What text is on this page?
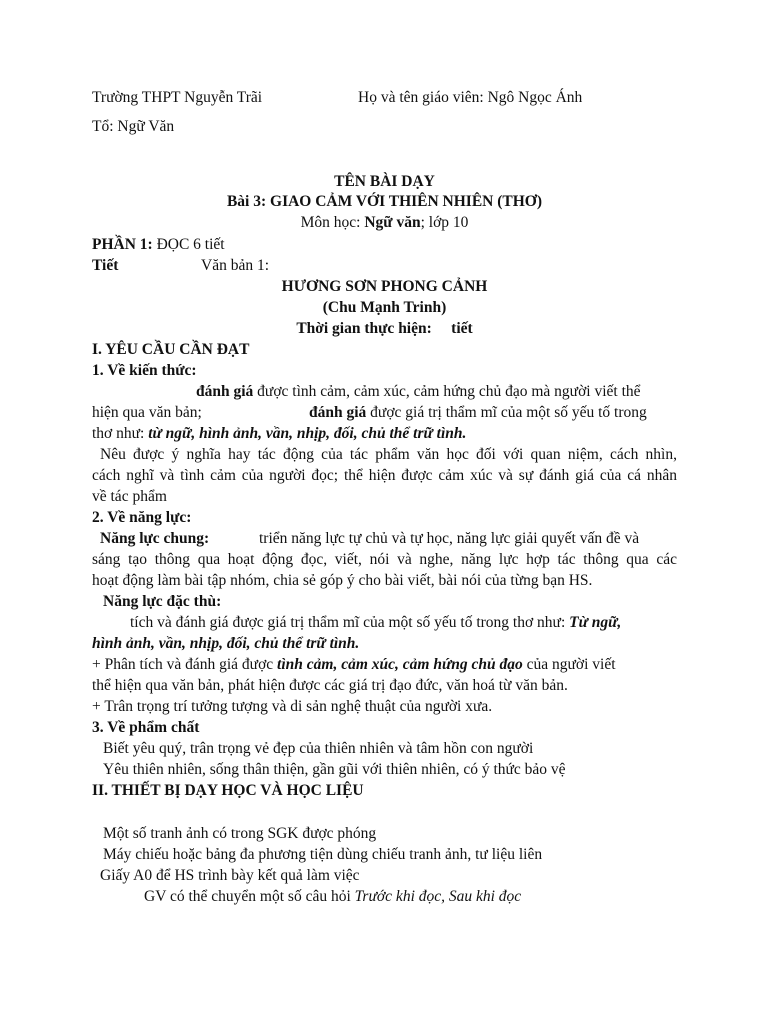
Trường THPT Nguyễn Trãi	Họ và tên giáo viên: Ngô Ngọc Ánh
Tổ: Ngữ Văn
TÊN BÀI DẠY
Bài 3: GIAO CẢM VỚI THIÊN NHIÊN (THƠ)
Môn học: Ngữ văn; lớp 10
PHẦN 1: ĐỌC 6 tiết
Tiết	Văn bản 1:
HƯƠNG SƠN PHONG CẢNH
(Chu Mạnh Trinh)
Thời gian thực hiện: tiết
I. YÊU CẦU CẦN ĐẠT
1. Về kiến thức:
đánh giá được tình cảm, cảm xúc, cảm hứng chủ đạo mà người viết thể
hiện qua văn bản;	đánh giá được giá trị thẩm mĩ của một số yếu tố trong
thơ như: từ ngữ, hình ảnh, vần, nhịp, đối, chủ thể trữ tình.
Nêu được ý nghĩa hay tác động của tác phẩm văn học đối với quan niệm, cách nhìn,
cách nghĩ và tình cảm của người đọc; thể hiện được cảm xúc và sự đánh giá của cá nhân
về tác phẩm
2. Về năng lực:
Năng lực chung:	triển năng lực tự chủ và tự học, năng lực giải quyết vấn đề và
sáng tạo thông qua hoạt động đọc, viết, nói và nghe, năng lực hợp tác thông qua các
hoạt động làm bài tập nhóm, chia sẻ góp ý cho bài viết, bài nói của từng bạn HS.
Năng lực đặc thù:
tích và đánh giá được giá trị thẩm mĩ của một số yếu tố trong thơ như: Từ ngữ,
hình ảnh, vần, nhịp, đối, chủ thể trữ tình.
+ Phân tích và đánh giá được tình cảm, cảm xúc, cảm hứng chủ đạo của người viết
thể hiện qua văn bản, phát hiện được các giá trị đạo đức, văn hoá từ văn bản.
+ Trân trọng trí tưởng tượng và di sản nghệ thuật của người xưa.
3. Về phẩm chất
Biết yêu quý, trân trọng vẻ đẹp của thiên nhiên và tâm hồn con người
Yêu thiên nhiên, sống thân thiện, gần gũi với thiên nhiên, có ý thức bảo vệ
II. THIẾT BỊ DẠY HỌC VÀ HỌC LIỆU
Một số tranh ảnh có trong SGK được phóng
Máy chiếu hoặc bảng đa phương tiện dùng chiếu tranh ảnh, tư liệu liên
Giấy A0 để HS trình bày kết quả làm việc
GV có thể chuyển một số câu hỏi Trước khi đọc, Sau khi đọc
